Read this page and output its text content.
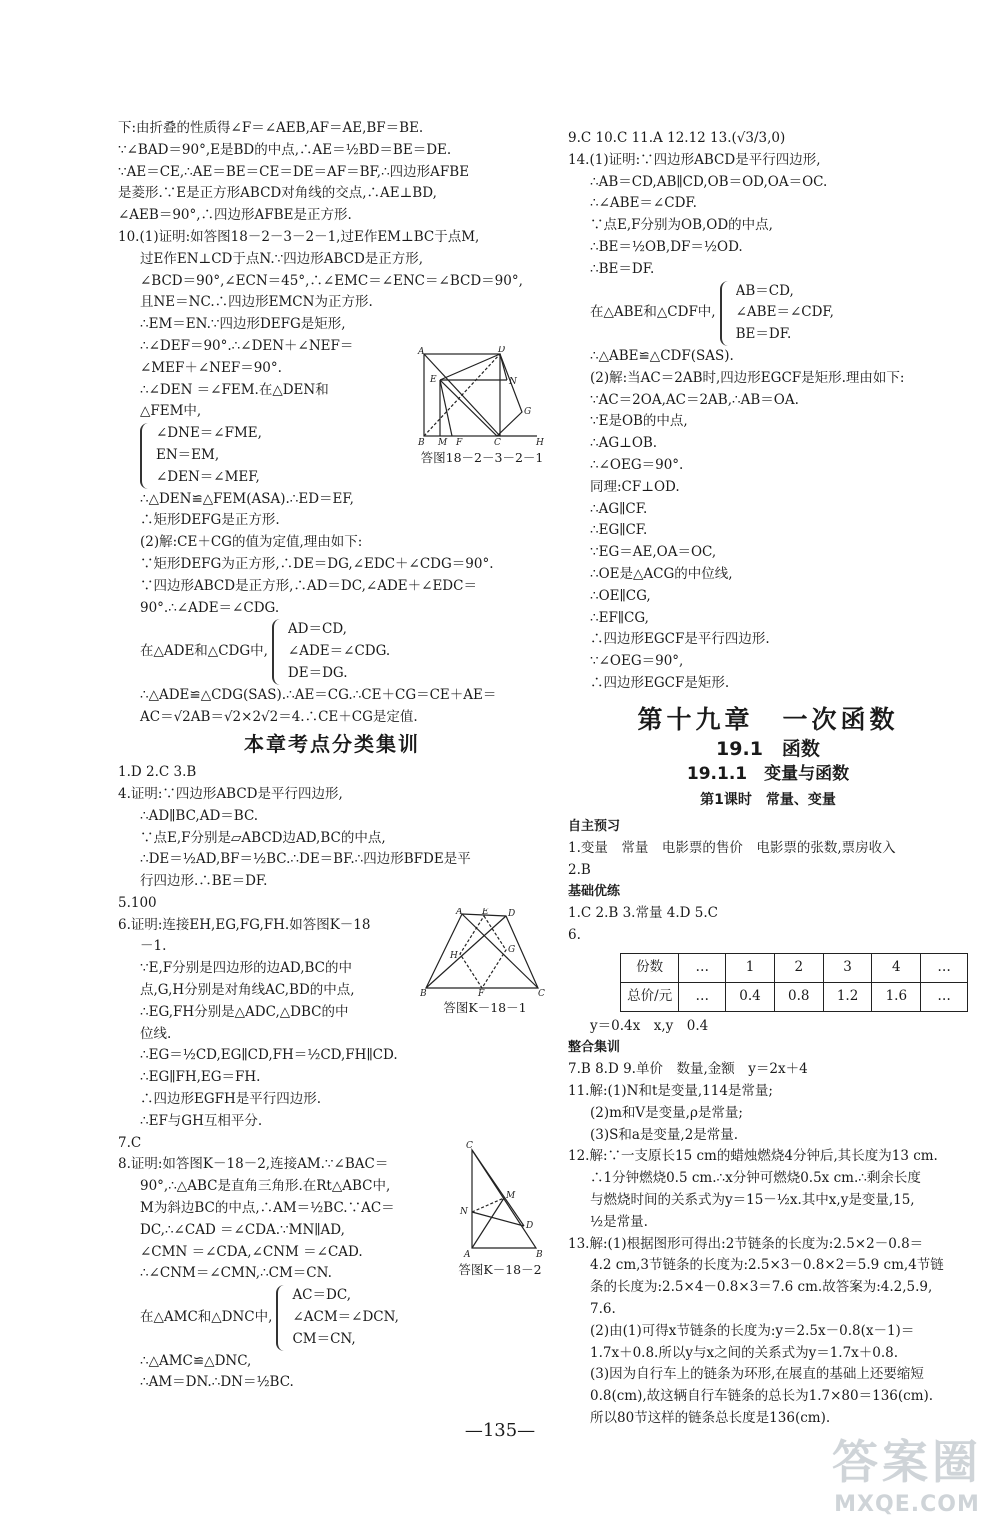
下:由折叠的性质得∠F＝∠AEB,AF＝AE,BF＝BE.
∵∠BAD＝90°,E是BD的中点,∴AE＝½BD＝BE＝DE.
∵AE＝CE,∴AE＝BE＝CE＝DE＝AF＝BF,∴四边形AFBE
是菱形.∵E是正方形ABCD对角线的交点,∴AE⊥BD,
∠AEB＝90°,∴四边形AFBE是正方形.
10.(1)证明:如答图18－2－3－2－1,过E作EM⊥BC于点M,
过E作EN⊥CD于点N.∵四边形ABCD是正方形,
∠BCD＝90°,∠ECN＝45°,∴∠EMC＝∠ENC＝∠BCD＝90°,
且NE＝NC.∴四边形EMCN为正方形.
∴EM＝EN.∵四边形DEFG是矩形,
∴∠DEF＝90°.∴∠DEN＋∠NEF＝
∠MEF＋∠NEF＝90°.
∴∠DEN ＝∠FEM.在△DEN和
△FEM中,
∠DNE＝∠FME,
EN＝EM,
∠DEN＝∠MEF,
∴△DEN≌△FEM(ASA).∴ED＝EF,
∴矩形DEFG是正方形.
(2)解:CE＋CG的值为定值,理由如下:
∵矩形DEFG为正方形,∴DE＝DG,∠EDC＋∠CDG＝90°.
∵四边形ABCD是正方形,∴AD＝DC,∠ADE＋∠EDC＝
90°.∴∠ADE＝∠CDG.
在△ADE和△CDG中,
AD＝CD,
∠ADE＝∠CDG.
DE＝DG.
∴△ADE≌△CDG(SAS).∴AE＝CG.∴CE＋CG＝CE＋AE＝
AC＝√2AB＝√2×2√2＝4.∴CE＋CG是定值.
本章考点分类集训
1.D 2.C 3.B
4.证明:∵四边形ABCD是平行四边形,
∴AD∥BC,AD＝BC.
∵点E,F分别是▱ABCD边AD,BC的中点,
∴DE＝½AD,BF＝½BC.∴DE＝BF.∴四边形BFDE是平
行四边形.∴BE＝DF.
5.100
6.证明:连接EH,EG,FG,FH.如答图K－18
－1.
∵E,F分别是四边形的边AD,BC的中
点,G,H分别是对角线AC,BD的中点,
∴EG,FH分别是△ADC,△DBC的中
位线.
∴EG＝½CD,EG∥CD,FH＝½CD,FH∥CD.
∴EG∥FH,EG＝FH.
∴四边形EGFH是平行四边形.
∴EF与GH互相平分.
7.C
8.证明:如答图K－18－2,连接AM.∵∠BAC＝
90°,∴△ABC是直角三角形.在Rt△ABC中,
M为斜边BC的中点,∴AM＝½BC.∵AC＝
DC,∴∠CAD ＝∠CDA.∵MN∥AD,
∠CMN ＝∠CDA,∠CNM ＝∠CAD.
∴∠CNM＝∠CMN,∴CM＝CN.
在△AMC和△DNC中,
AC＝DC,
∠ACM＝∠DCN,
CM＝CN,
∴△AMC≌△DNC,
∴AM＝DN.∴DN＝½BC.
A	D
E	N
G
B M F	C	H
答图18－2－3－2－1
A E D
G
H
B	F	C
答图K－18－1
C
M
N
D
A	B
答图K－18－2
9.C 10.C 11.A 12.12 13.(√3/3,0)
14.(1)证明:∵四边形ABCD是平行四边形,
∴AB＝CD,AB∥CD,OB＝OD,OA＝OC.
∴∠ABE＝∠CDF.
∵点E,F分别为OB,OD的中点,
∴BE＝½OB,DF＝½OD.
∴BE＝DF.
在△ABE和△CDF中,
AB＝CD,
∠ABE＝∠CDF,
BE＝DF.
∴△ABE≌△CDF(SAS).
(2)解:当AC＝2AB时,四边形EGCF是矩形.理由如下:
∵AC＝2OA,AC＝2AB,∴AB＝OA.
∵E是OB的中点,
∴AG⊥OB.
∴∠OEG＝90°.
同理:CF⊥OD.
∴AG∥CF.
∴EG∥CF.
∵EG＝AE,OA＝OC,
∴OE是△ACG的中位线,
∴OE∥CG,
∴EF∥CG,
∴四边形EGCF是平行四边形.
∵∠OEG＝90°,
∴四边形EGCF是矩形.
第十九章　一次函数
19.1　函数
19.1.1　变量与函数
第1课时　常量、变量
自主预习
1.变量　常量　电影票的售价　电影票的张数,票房收入
2.B
基础优练
1.C 2.B 3.常量 4.D 5.C
6.
份数	…	1	2	3	4	…
总价/元	…	0.4	0.8	1.2	1.6	…
y＝0.4x　x,y　0.4
整合集训
7.B 8.D 9.单价　数量,金额　y＝2x＋4
11.解:(1)N和t是变量,114是常量;
(2)m和V是变量,ρ是常量;
(3)S和a是变量,2是常量.
12.解:∵一支原长15 cm的蜡烛燃烧4分钟后,其长度为13 cm.
∴1分钟燃烧0.5 cm.∴x分钟可燃烧0.5x cm.∴剩余长度
与燃烧时间的关系式为y＝15－½x.其中x,y是变量,15,
½是常量.
13.解:(1)根据图形可得出:2节链条的长度为:2.5×2－0.8＝
4.2 cm,3节链条的长度为:2.5×3－0.8×2＝5.9 cm,4节链
条的长度为:2.5×4－0.8×3＝7.6 cm.故答案为:4.2,5.9,
7.6.
(2)由(1)可得x节链条的长度为:y＝2.5x－0.8(x－1)＝
1.7x＋0.8.所以y与x之间的关系式为y＝1.7x＋0.8.
(3)因为自行车上的链条为环形,在展直的基础上还要缩短
0.8(cm),故这辆自行车链条的总长为1.7×80＝136(cm).
所以80节这样的链条总长度是136(cm).
—135—
答案圈
MXQE.COM
